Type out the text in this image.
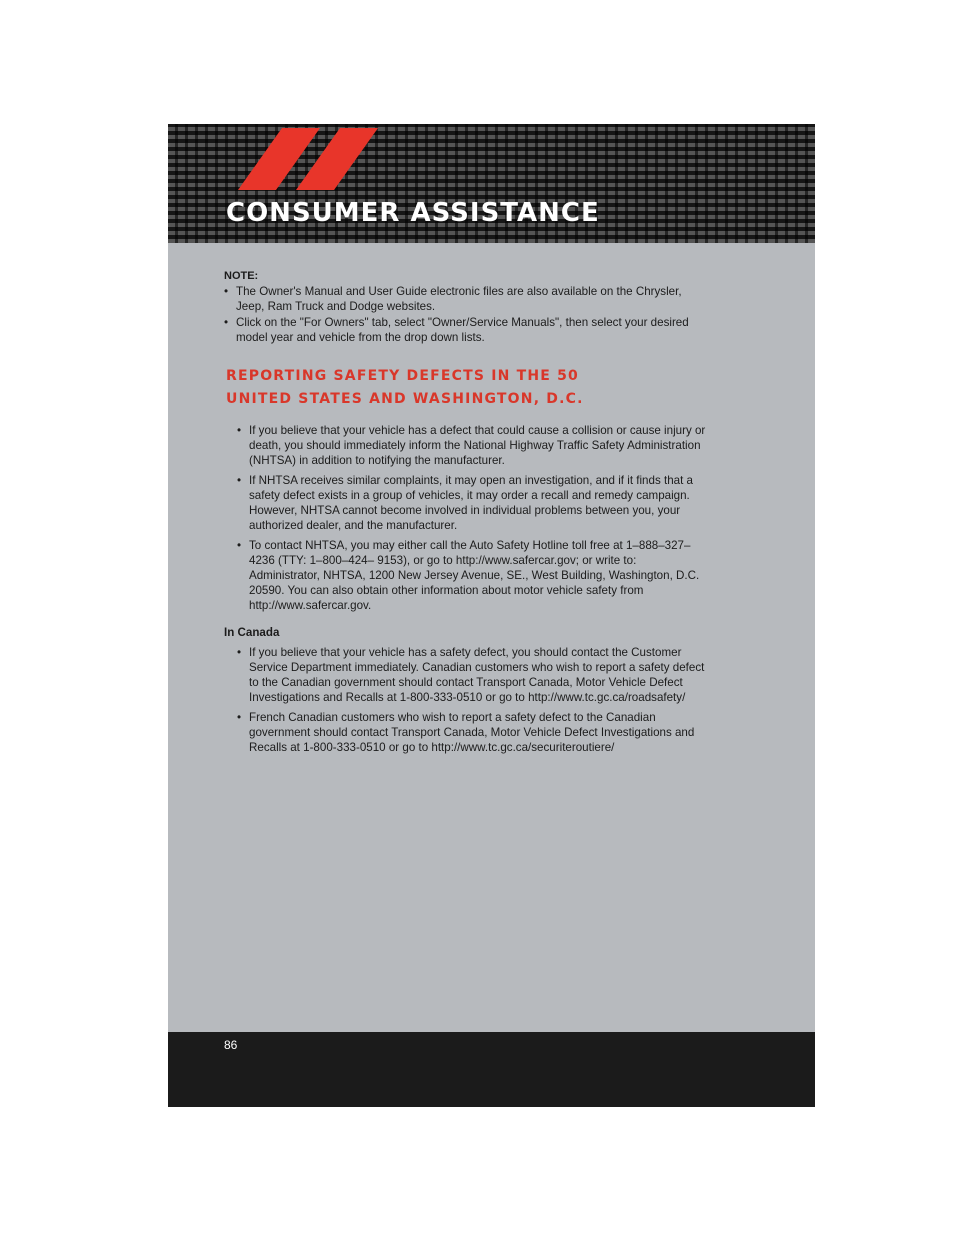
CONSUMER ASSISTANCE

NOTE:

• The Owner's Manual and User Guide electronic files are also available on the Chrysler, Jeep, Ram Truck and Dodge websites.
• Click on the "For Owners" tab, select "Owner/Service Manuals", then select your desired model year and vehicle from the drop down lists.
REPORTING SAFETY DEFECTS IN THE 50
UNITED STATES AND WASHINGTON, D.C.
• If you believe that your vehicle has a defect that could cause a collision or cause injury or death, you should immediately inform the National Highway Traffic Safety Administration (NHTSA) in addition to notifying the manufacturer.
• If NHTSA receives similar complaints, it may open an investigation, and if it finds that a safety defect exists in a group of vehicles, it may order a recall and remedy campaign. However, NHTSA cannot become involved in individual problems between you, your authorized dealer, and the manufacturer.
• To contact NHTSA, you may either call the Auto Safety Hotline toll free at 1–888–327–4236 (TTY: 1–800–424– 9153), or go to http://www.safercar.gov; or write to: Administrator, NHTSA, 1200 New Jersey Avenue, SE., West Building, Washington, D.C. 20590. You can also obtain other information about motor vehicle safety from http://www.safercar.gov.

In Canada

• If you believe that your vehicle has a safety defect, you should contact the Customer Service Department immediately. Canadian customers who wish to report a safety defect to the Canadian government should contact Transport Canada, Motor Vehicle Defect Investigations and Recalls at 1-800-333-0510 or go to http://www.tc.gc.ca/roadsafety/
• French Canadian customers who wish to report a safety defect to the Canadian government should contact Transport Canada, Motor Vehicle Defect Investigations and Recalls at 1-800-333-0510 or go to http://www.tc.gc.ca/securiteroutiere/
86
